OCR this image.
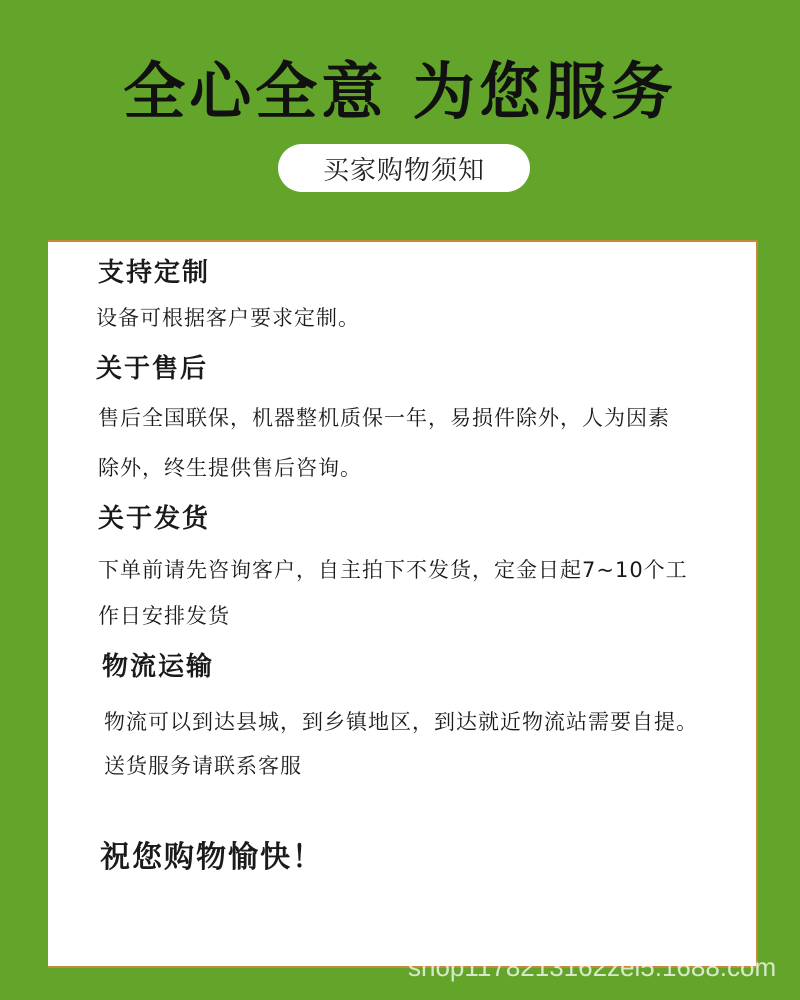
全心全意 为您服务
买家购物须知
支持定制
设备可根据客户要求定制。
关于售后
售后全国联保，机器整机质保一年，易损件除外，人为因素
除外，终生提供售后咨询。
关于发货
下单前请先咨询客户，自主拍下不发货，定金日起7~10个工
作日安排发货
物流运输
物流可以到达县城，到乡镇地区，到达就近物流站需要自提。
送货服务请联系客服
祝您购物愉快！
shop1178213162zei5.1688.com
